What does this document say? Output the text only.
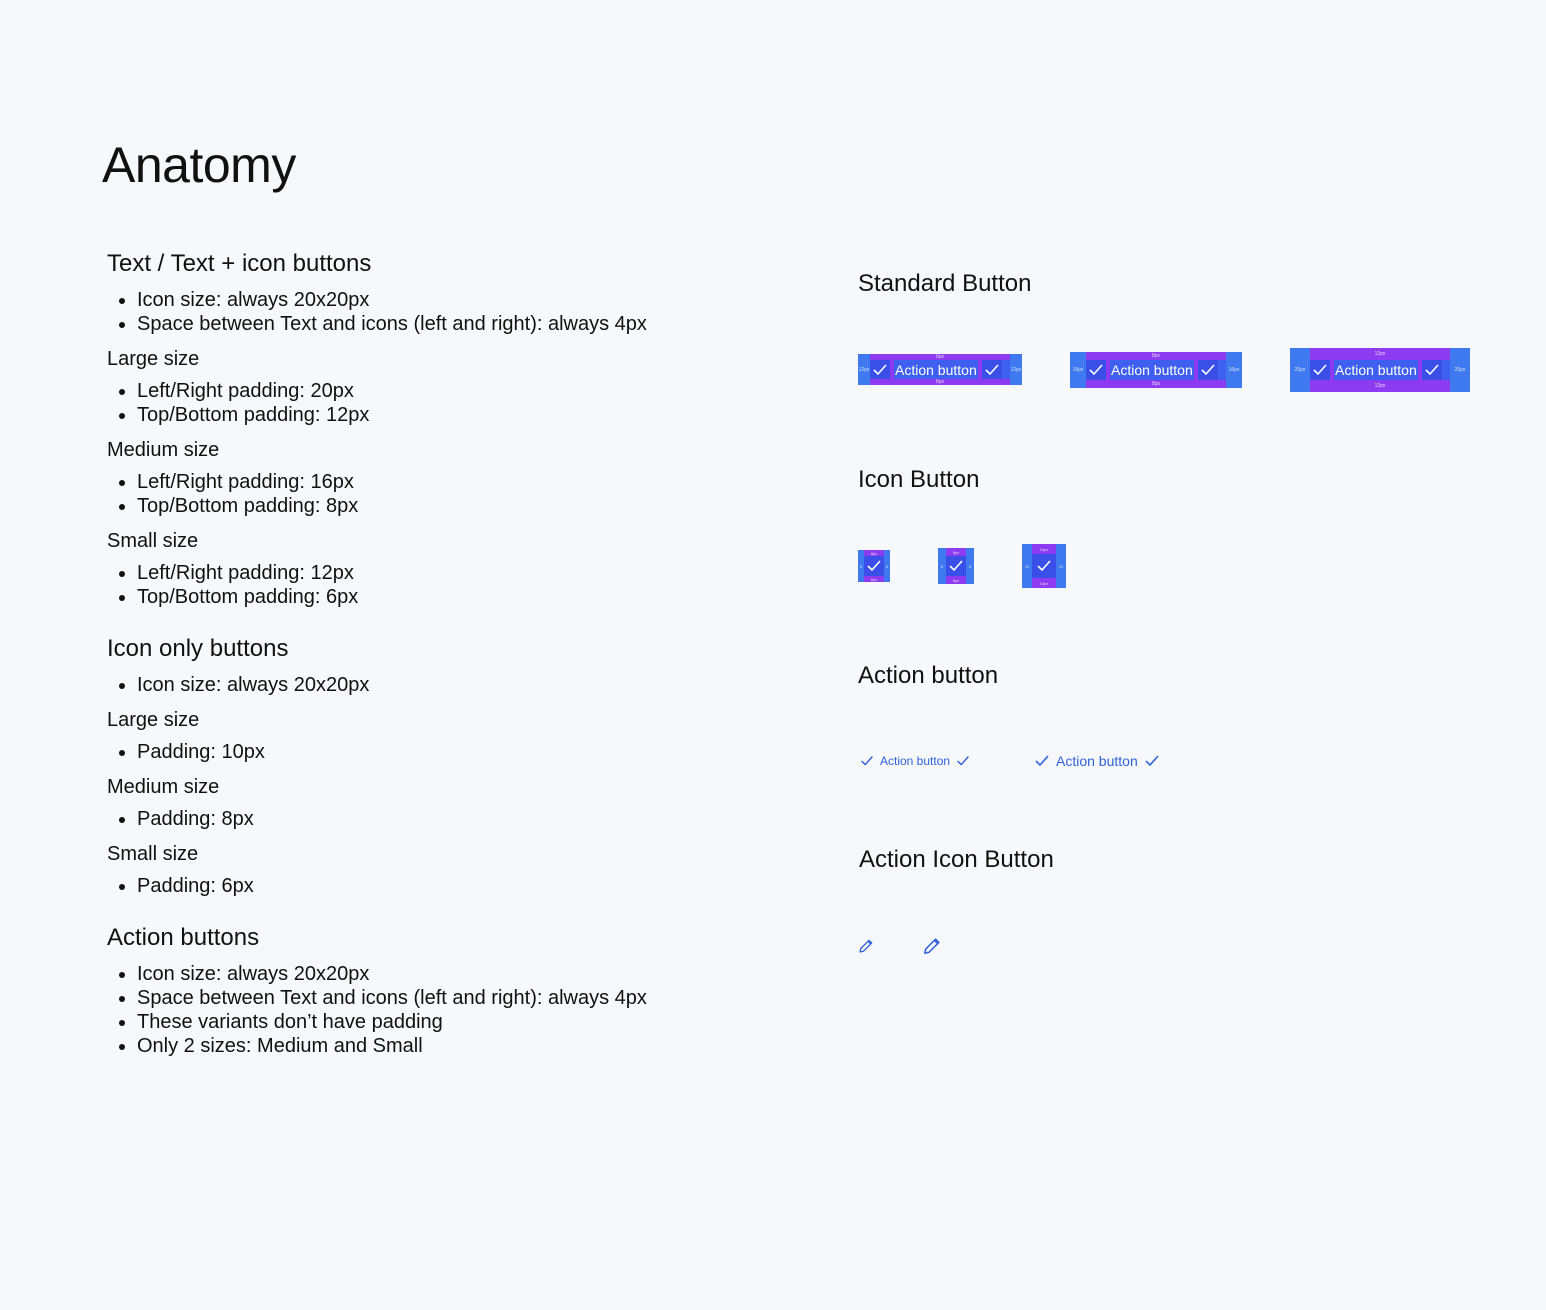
Anatomy
Text / Text + icon buttons
• Icon size: always 20x20px
• Space between Text and icons (left and right): always 4px
Large size
• Left/Right padding: 20px
• Top/Bottom padding: 12px
Medium size
• Left/Right padding: 16px
• Top/Bottom padding: 8px
Small size
• Left/Right padding: 12px
• Top/Bottom padding: 6px
Icon only buttons
• Icon size: always 20x20px
Large size
• Padding: 10px
Medium size
• Padding: 8px
Small size
• Padding: 6px
Action buttons
• Icon size: always 20x20px
• Space between Text and icons (left and right): always 4px
• These variants don’t have padding
• Only 2 sizes: Medium and Small
Standard Button
12px
6px
Action button
6px
12px	16px
8px
Action button
8px
16px	20px
12px
Action button
12px
20px
Icon Button
6
6px
6px
6	8
8px
8px
8	10
10px
10px
10
Action button
Action button	Action button
Action Icon Button
